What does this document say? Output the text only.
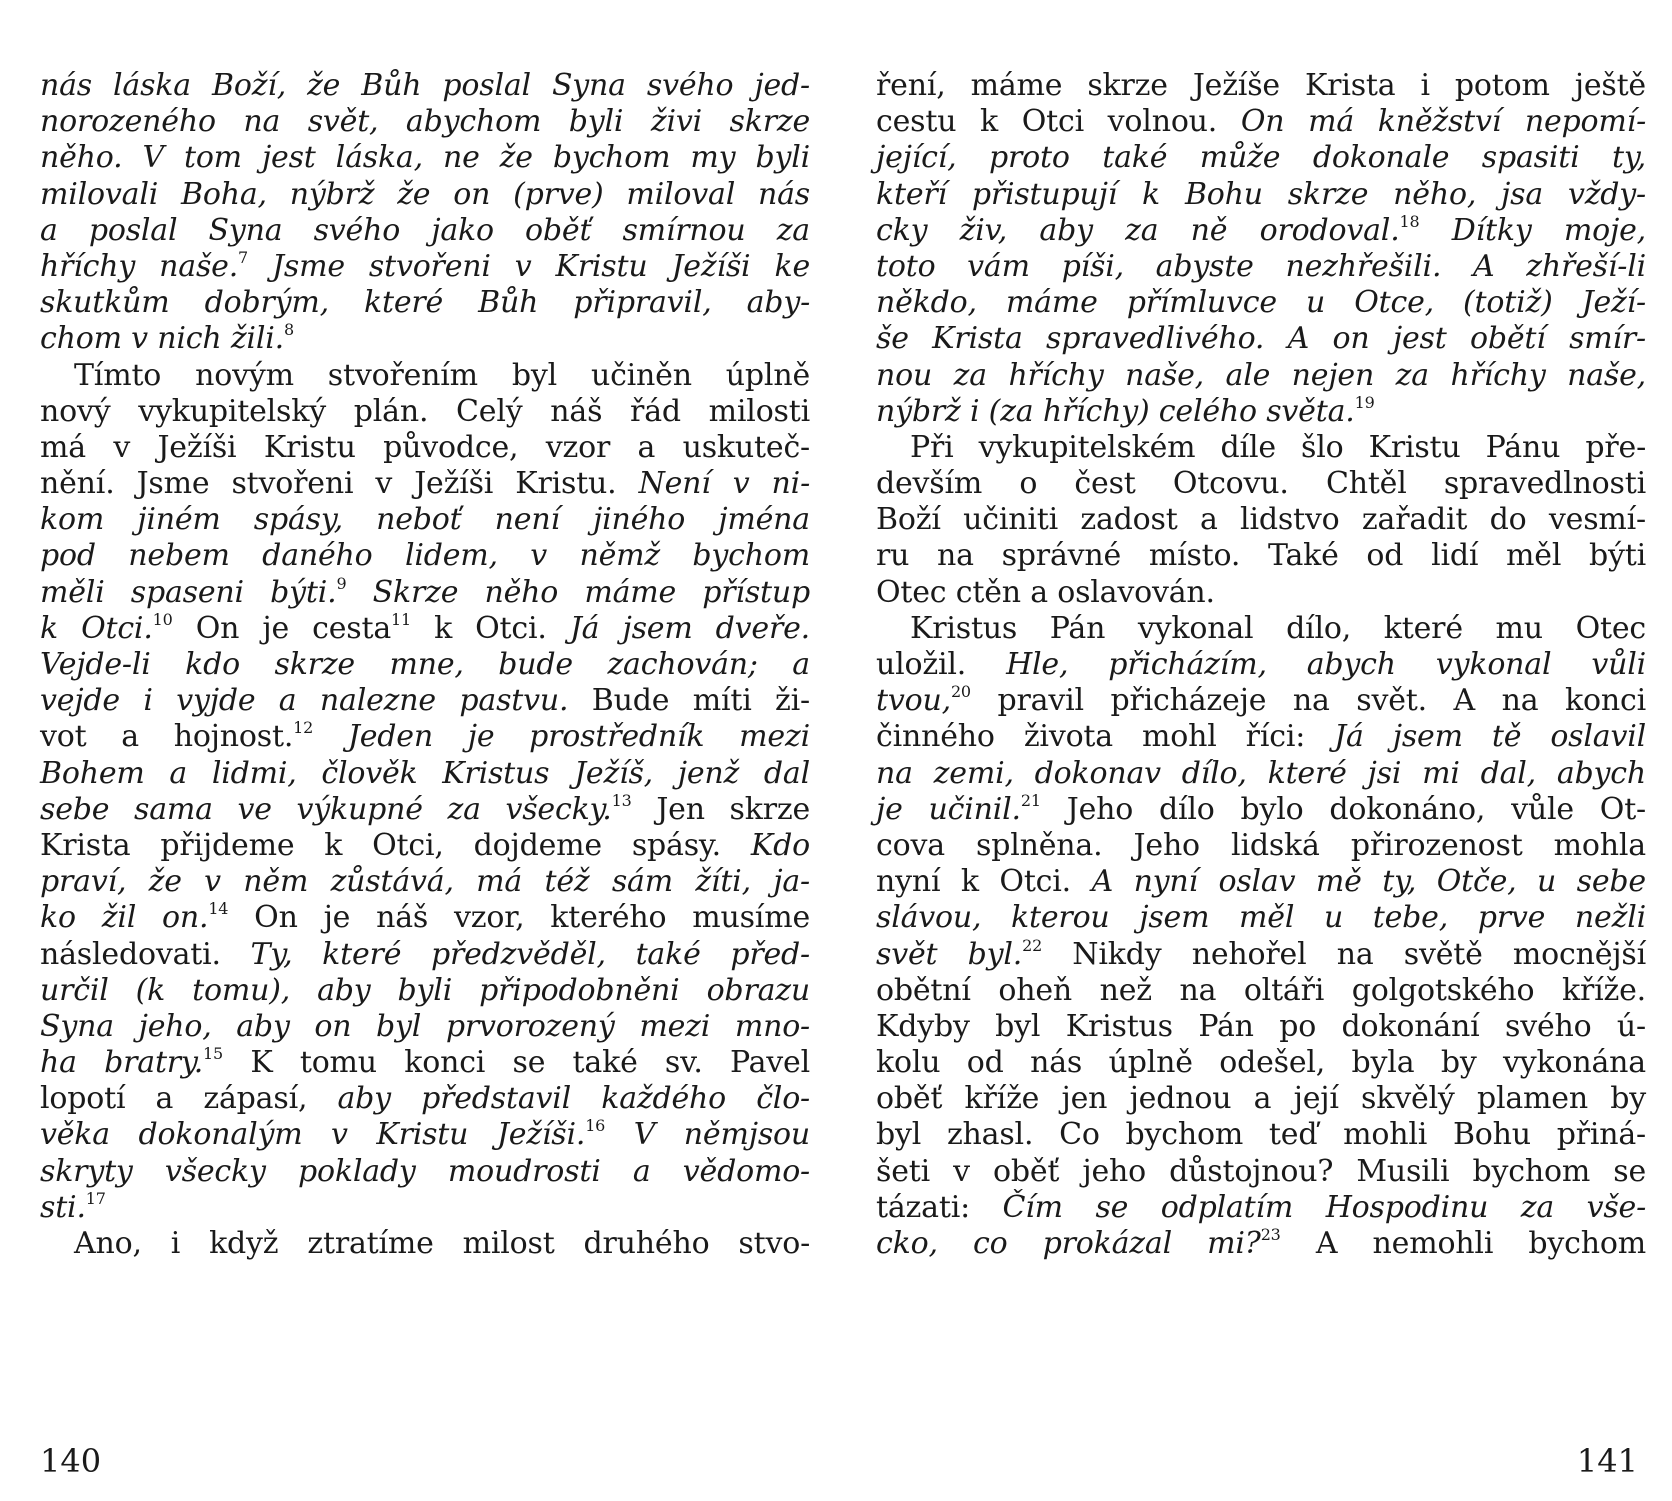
nás láska Boží, že Bůh poslal Syna svého jed-
norozeného na svět, abychom byli živi skrze
něho. V tom jest láska, ne že bychom my byli
milovali Boha, nýbrž že on (prve) miloval nás
a poslal Syna svého jako oběť smírnou za
hříchy naše.$^7$ Jsme stvořeni v Kristu Ježíši ke
skutkům dobrým, které Bůh připravil, aby-
chom v nich žili.$^8$
Tímto novým stvořením byl učiněn úplně
nový vykupitelský plán. Celý náš řád milosti
má v Ježíši Kristu původce, vzor a uskuteč-
nění. Jsme stvořeni v Ježíši Kristu. Není v ni-
kom jiném spásy, neboť není jiného jména
pod nebem daného lidem, v němž bychom
měli spaseni býti.$^9$ Skrze něho máme přístup
k Otci.$^{10}$ On je cesta$^{11}$ k Otci. Já jsem dveře.
Vejde-li kdo skrze mne, bude zachován; a
vejde i vyjde a nalezne pastvu. Bude míti ži-
vot a hojnost.$^{12}$ Jeden je prostředník mezi
Bohem a lidmi, člověk Kristus Ježíš, jenž dal
sebe sama ve výkupné za všecky.$^{13}$ Jen skrze
Krista přijdeme k Otci, dojdeme spásy. Kdo
praví, že v něm zůstává, má též sám žíti, ja-
ko žil on.$^{14}$ On je náš vzor, kterého musíme
následovati. Ty, které předzvěděl, také před-
určil (k tomu), aby byli připodobněni obrazu
Syna jeho, aby on byl prvorozený mezi mno-
ha bratry.$^{15}$ K tomu konci se také sv. Pavel
lopotí a zápasí, aby představil každého člo-
věka dokonalým v Kristu Ježíši.$^{16}$ V němjsou
skryty všecky poklady moudrosti a vědomo-
sti.$^{17}$
Ano, i když ztratíme milost druhého stvo-
140
ření, máme skrze Ježíše Krista i potom ještě
cestu k Otci volnou. On má kněžství nepomí-
jející, proto také může dokonale spasiti ty,
kteří přistupují k Bohu skrze něho, jsa vždy-
cky živ, aby za ně orodoval.$^{18}$ Dítky moje,
toto vám píši, abyste nezhřešili. A zhřeší-li
někdo, máme přímluvce u Otce, (totiž) Ježí-
še Krista spravedlivého. A on jest obětí smír-
nou za hříchy naše, ale nejen za hříchy naše,
nýbrž i (za hříchy) celého světa.$^{19}$
Při vykupitelském díle šlo Kristu Pánu pře-
devším o čest Otcovu. Chtěl spravedlnosti
Boží učiniti zadost a lidstvo zařadit do vesmí-
ru na správné místo. Také od lidí měl býti
Otec ctěn a oslavován.
Kristus Pán vykonal dílo, které mu Otec
uložil. Hle, přicházím, abych vykonal vůli
tvou,$^{20}$ pravil přicházeje na svět. A na konci
činného života mohl říci: Já jsem tě oslavil
na zemi, dokonav dílo, které jsi mi dal, abych
je učinil.$^{21}$ Jeho dílo bylo dokonáno, vůle Ot-
cova splněna. Jeho lidská přirozenost mohla
nyní k Otci. A nyní oslav mě ty, Otče, u sebe
slávou, kterou jsem měl u tebe, prve nežli
svět byl.$^{22}$ Nikdy nehořel na světě mocnější
obětní oheň než na oltáři golgotského kříže.
Kdyby byl Kristus Pán po dokonání svého ú-
kolu od nás úplně odešel, byla by vykonána
oběť kříže jen jednou a její skvělý plamen by
byl zhasl. Co bychom teď mohli Bohu přiná-
šeti v oběť jeho důstojnou? Musili bychom se
tázati: Čím se odplatím Hospodinu za vše-
cko, co prokázal mi?$^{23}$ A nemohli bychom
141
